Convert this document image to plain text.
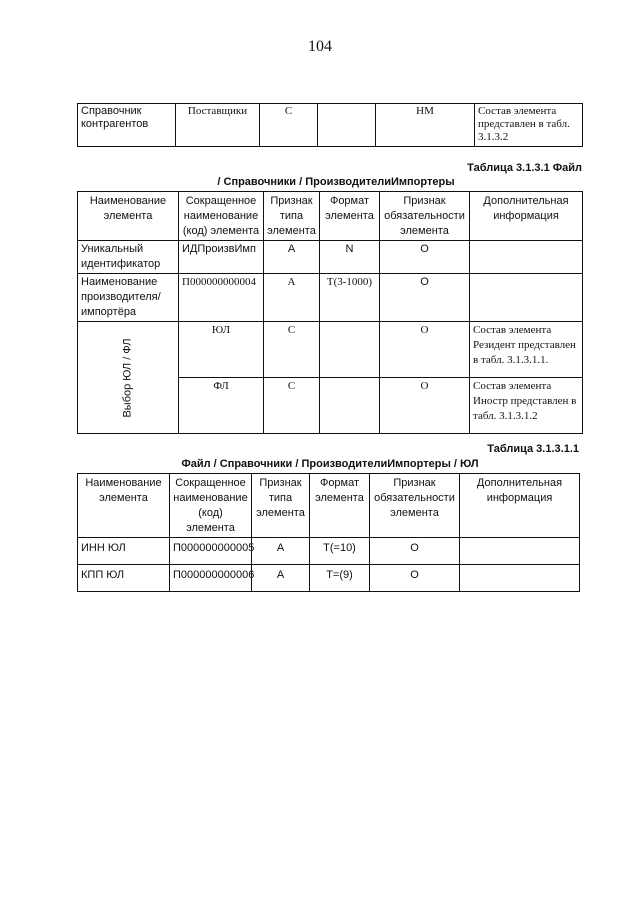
104
Справочник контрагентов	Поставщики	С		НМ	Состав элемента представлен в табл. 3.1.3.2
Таблица 3.1.3.1 Файл
/ Справочники / ПроизводителиИмпортеры
Наименование элемента	Сокращенное наименование (код) элемента	Признак типа элемента	Формат элемента	Признак обязательности элемента	Дополнительная информация
Уникальный идентификатор	ИДПроизвИмп	А	N	О	
Наименование производителя/импортёра	П000000000004	А	Т(3-1000)	О	

Выбор ЮЛ / ФЛ	ЮЛ	С		О	Состав элемента Резидент представлен в табл. 3.1.3.1.1.
	ФЛ	С		О	Состав элемента Иностр представлен в табл. 3.1.3.1.2
Таблица 3.1.3.1.1
Файл / Справочники / ПроизводителиИмпортеры / ЮЛ
Наименование элемента	Сокращенное наименование (код) элемента	Признак типа элемента	Формат элемента	Признак обязательности элемента	Дополнительная информация
ИНН ЮЛ	П000000000005	А	Т(=10)	О	
КПП ЮЛ	П000000000006	А	Т=(9)	О	
